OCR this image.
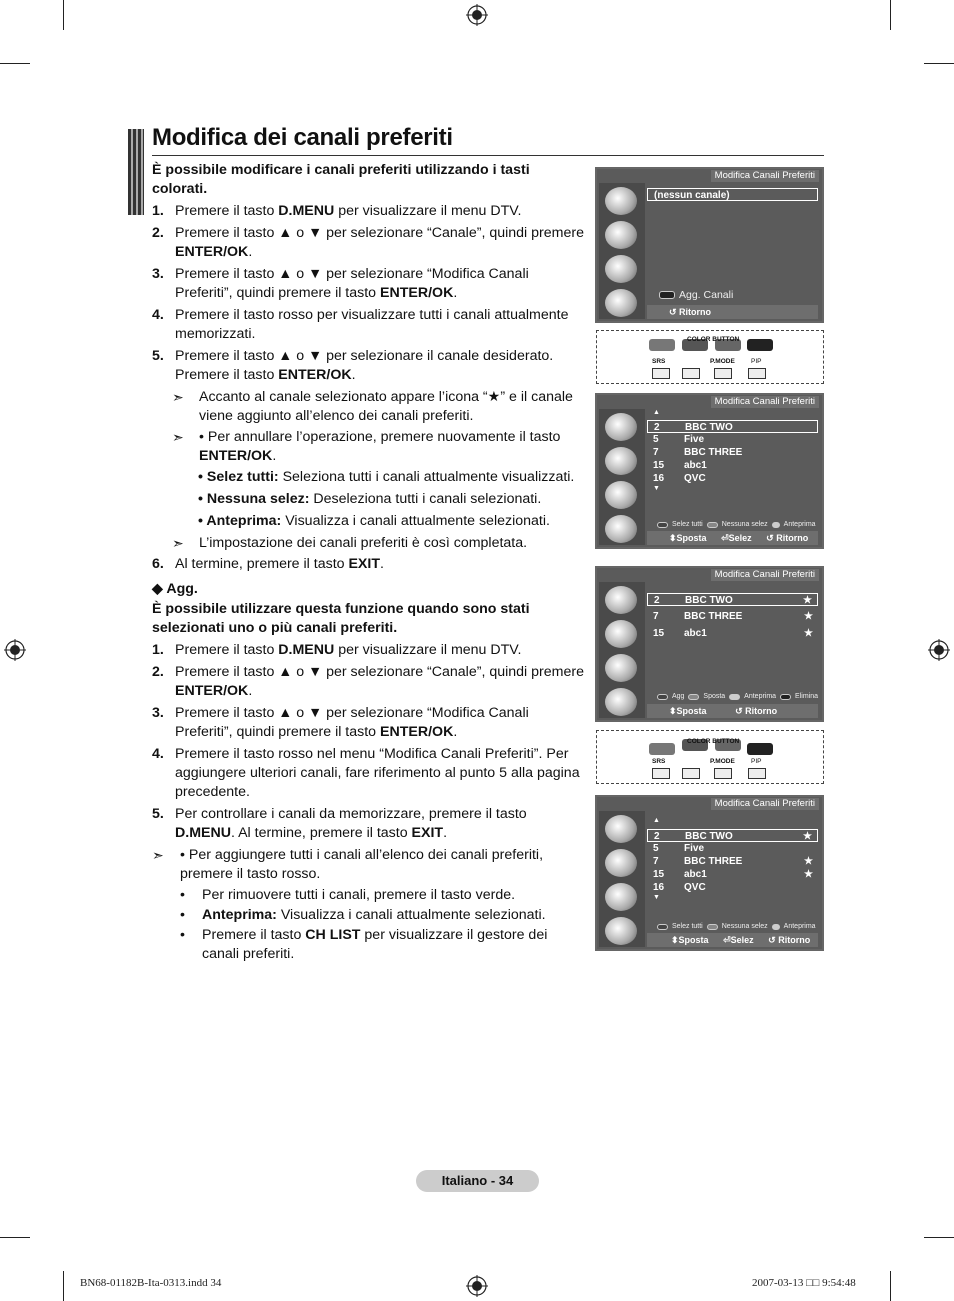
Modifica dei canali preferiti

È possibile modificare i canali preferiti utilizzando i tasti colorati.

1. Premere il tasto D.MENU per visualizzare il menu DTV.
2. Premere il tasto ▲ o ▼ per selezionare “Canale”, quindi premere ENTER/OK.
3. Premere il tasto ▲ o ▼ per selezionare “Modifica Canali Preferiti”, quindi premere il tasto ENTER/OK.
4. Premere il tasto rosso per visualizzare tutti i canali attualmente memorizzati.
5. Premere il tasto ▲ o ▼ per selezionare il canale desiderato. Premere il tasto ENTER/OK.
➣	Accanto al canale selezionato appare l’icona “★” e il canale viene aggiunto all’elenco dei canali preferiti.
➣	• Per annullare l’operazione, premere nuovamente il tasto ENTER/OK.

• Selez tutti: Seleziona tutti i canali attualmente visualizzati.

• Nessuna selez: Deseleziona tutti i canali selezionati.

• Anteprima: Visualizza i canali attualmente selezionati.

➣	L’impostazione dei canali preferiti è così completata.
6. Al termine, premere il tasto EXIT.

◆ Agg.

È possibile utilizzare questa funzione quando sono stati selezionati uno o più canali preferiti.

1. Premere il tasto D.MENU per visualizzare il menu DTV.
2. Premere il tasto ▲ o ▼ per selezionare “Canale”, quindi premere ENTER/OK.
3. Premere il tasto ▲ o ▼ per selezionare “Modifica Canali Preferiti”, quindi premere il tasto ENTER/OK.
4. Premere il tasto rosso nel menu “Modifica Canali Preferiti”. Per aggiungere ulteriori canali, fare riferimento al punto 5 alla pagina precedente.
5. Per controllare i canali da memorizzare, premere il tasto D.MENU. Al termine, premere il tasto EXIT.
➣	• Per aggiungere tutti i canali all’elenco dei canali preferiti, premere il tasto rosso.
•	Per rimuovere tutti i canali, premere il tasto verde.
•	Anteprima: Visualizza i canali attualmente selezionati.
•	Premere il tasto CH LIST per visualizzare il gestore dei canali preferiti.
Modifica Canali Preferiti
(nessun canale)
Agg. Canali
↺ Ritorno
COLOR BUTTON
SRS	P.MODE PIP
Modifica Canali Preferiti
▲
2	BBC TWO
5	Five
7	BBC THREE
15	abc1
16	QVC
▼
Selez tutti	Nessuna selez Anteprima
⬍Sposta ⏎Selez ↺ Ritorno
Modifica Canali Preferiti
2	BBC TWO	★
7	BBC THREE	★
15	abc1	★
Agg	Sposta	Anteprima	Elimina
⬍Sposta	↺ Ritorno
COLOR BUTTON
SRS	P.MODE PIP
Modifica Canali Preferiti
▲
2	BBC TWO	★
5	Five
7	BBC THREE	★
15	abc1	★
16	QVC
▼
Selez tutti	Nessuna selez Anteprima
⬍Sposta ⏎Selez ↺ Ritorno
Italiano - 34
BN68-01182B-Ita-0313.indd 34	2007-03-13 □□ 9:54:48
